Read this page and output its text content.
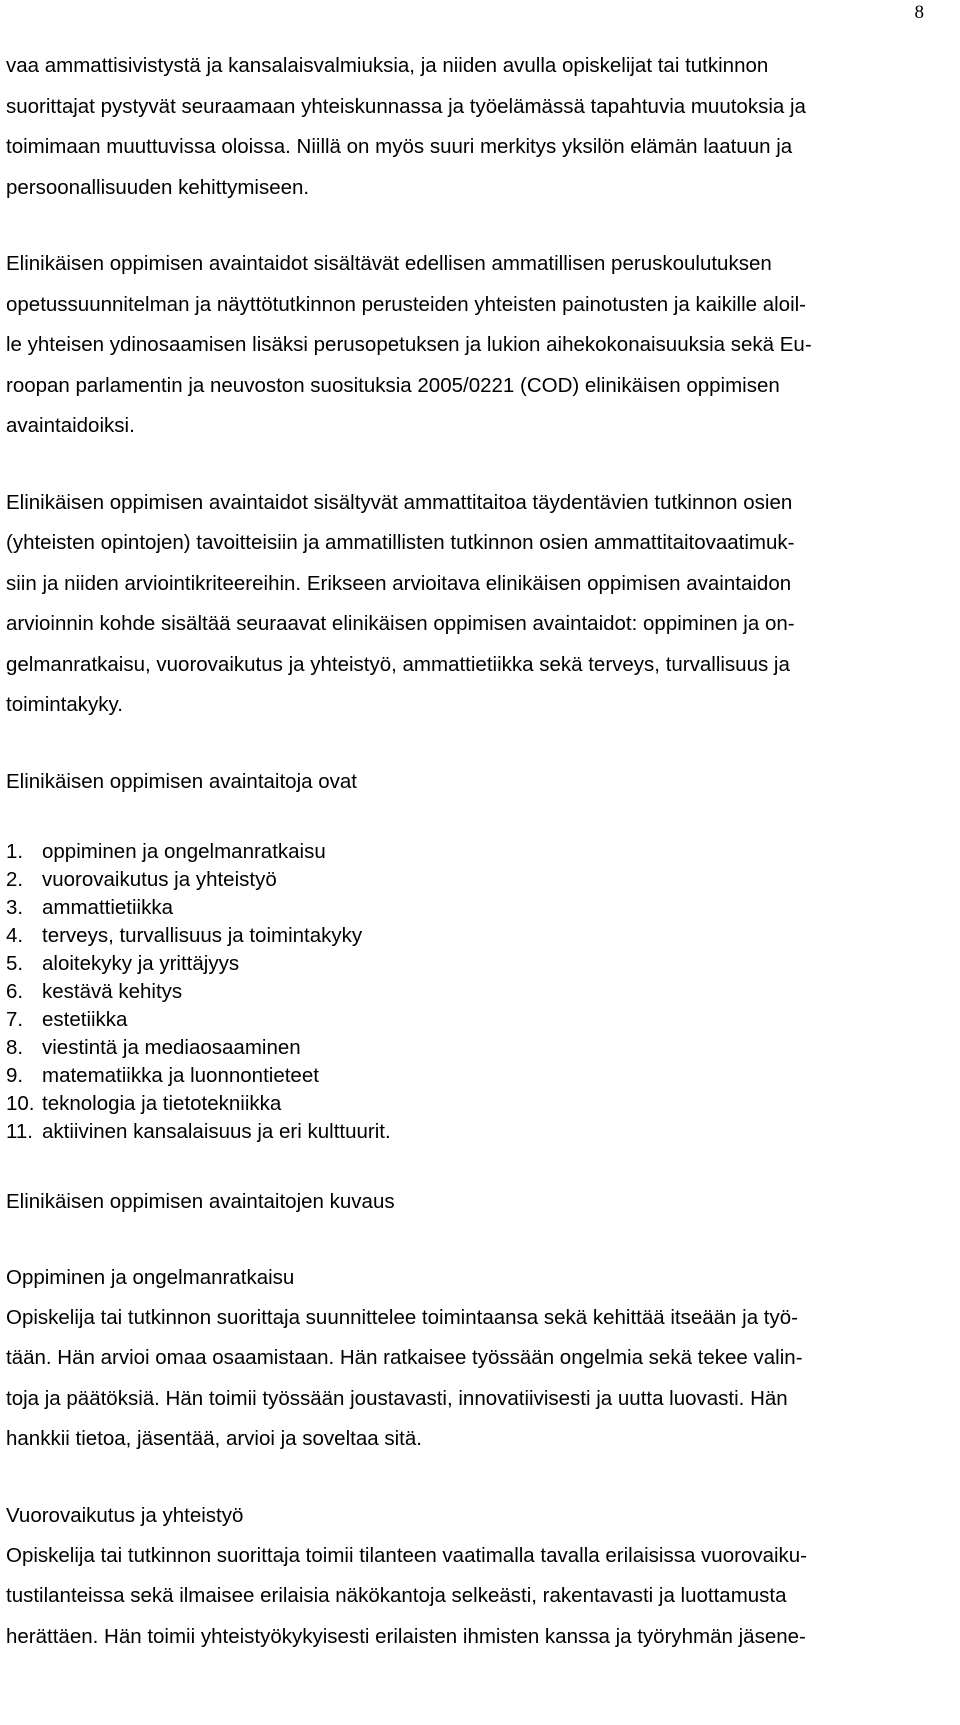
8

vaa ammattisivistystä ja kansalaisvalmiuksia, ja niiden avulla opiskelijat tai tutkinnon
suorittajat pystyvät seuraamaan yhteiskunnassa ja työelämässä tapahtuvia muutoksia ja
toimimaan muuttuvissa oloissa. Niillä on myös suuri merkitys yksilön elämän laatuun ja
persoonallisuuden kehittymiseen.

Elinikäisen oppimisen avaintaidot sisältävät edellisen ammatillisen peruskoulutuksen
opetussuunnitelman ja näyttötutkinnon perusteiden yhteisten painotusten ja kaikille aloil-
le yhteisen ydinosaamisen lisäksi perusopetuksen ja lukion aihekokonaisuuksia sekä Eu-
roopan parlamentin ja neuvoston suosituksia 2005/0221 (COD) elinikäisen oppimisen
avaintaidoiksi.

Elinikäisen oppimisen avaintaidot sisältyvät ammattitaitoa täydentävien tutkinnon osien
(yhteisten opintojen) tavoitteisiin ja ammatillisten tutkinnon osien ammattitaitovaatimuk-
siin ja niiden arviointikriteereihin. Erikseen arvioitava elinikäisen oppimisen avaintaidon
arvioinnin kohde sisältää seuraavat elinikäisen oppimisen avaintaidot: oppiminen ja on-
gelmanratkaisu, vuorovaikutus ja yhteistyö, ammattietiikka sekä terveys, turvallisuus ja
toimintakyky.

Elinikäisen oppimisen avaintaitoja ovat

1. oppiminen ja ongelmanratkaisu
2. vuorovaikutus ja yhteistyö
3. ammattietiikka
4. terveys, turvallisuus ja toimintakyky
5. aloitekyky ja yrittäjyys
6. kestävä kehitys
7. estetiikka
8. viestintä ja mediaosaaminen
9. matematiikka ja luonnontieteet
10. teknologia ja tietotekniikka
11. aktiivinen kansalaisuus ja eri kulttuurit.

Elinikäisen oppimisen avaintaitojen kuvaus

Oppiminen ja ongelmanratkaisu

Opiskelija tai tutkinnon suorittaja suunnittelee toimintaansa sekä kehittää itseään ja työ-
tään. Hän arvioi omaa osaamistaan. Hän ratkaisee työssään ongelmia sekä tekee valin-
toja ja päätöksiä. Hän toimii työssään joustavasti, innovatiivisesti ja uutta luovasti. Hän
hankkii tietoa, jäsentää, arvioi ja soveltaa sitä.

Vuorovaikutus ja yhteistyö

Opiskelija tai tutkinnon suorittaja toimii tilanteen vaatimalla tavalla erilaisissa vuorovaiku-
tustilanteissa sekä ilmaisee erilaisia näkökantoja selkeästi, rakentavasti ja luottamusta
herättäen. Hän toimii yhteistyökykyisesti erilaisten ihmisten kanssa ja työryhmän jäsene-
